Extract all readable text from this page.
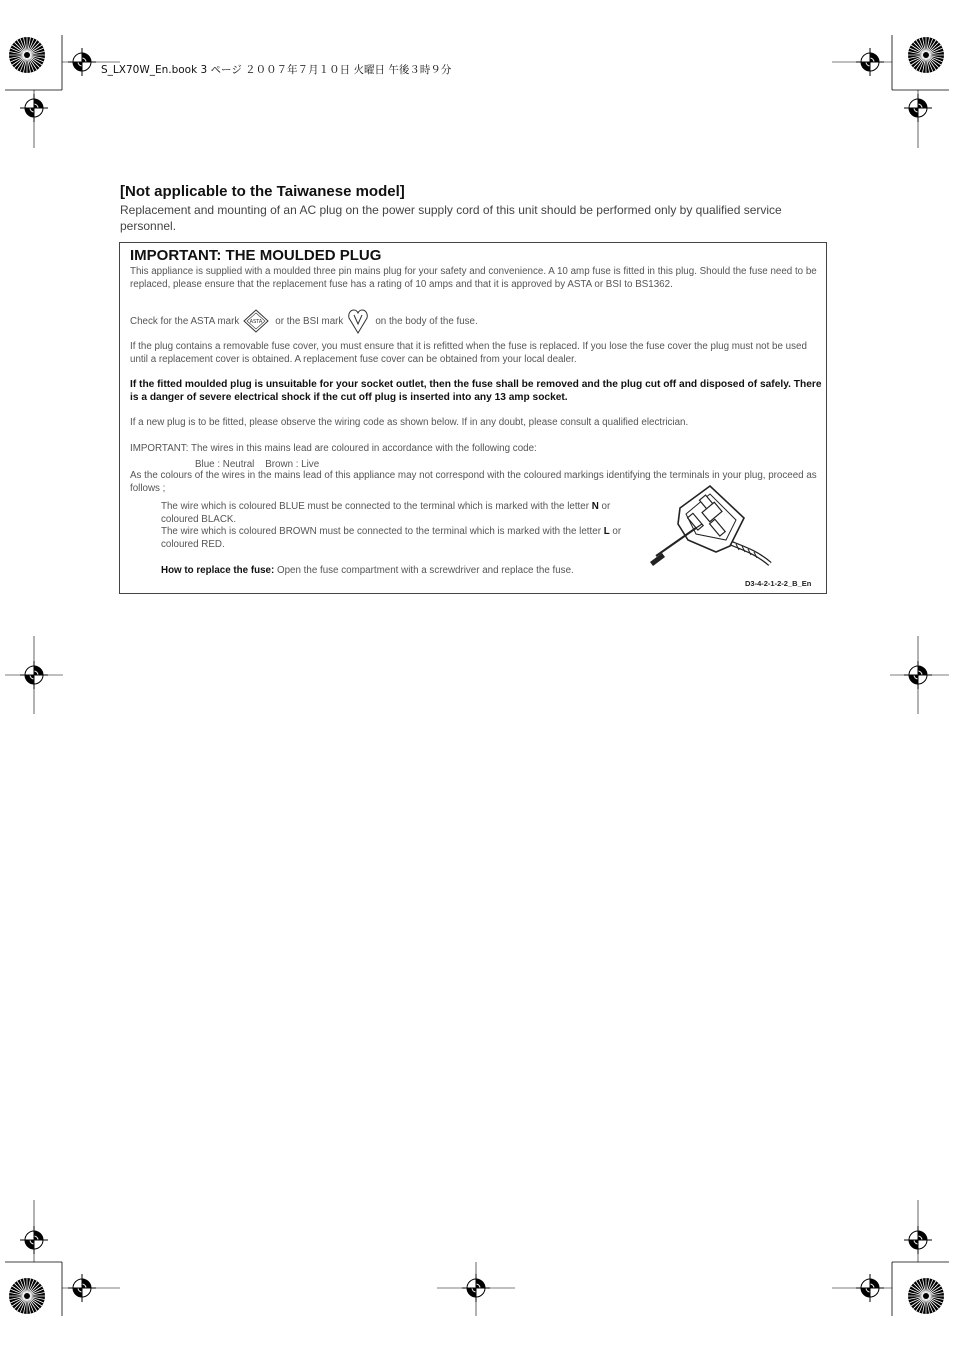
S_LX70W_En.book 3 ページ ２００７年７月１０日 火曜日 午後３時９分
[Not applicable to the Taiwanese model]
Replacement and mounting of an AC plug on the power supply cord of this unit should be performed only by qualified service personnel.
IMPORTANT: THE MOULDED PLUG
This appliance is supplied with a moulded three pin mains plug for your safety and convenience. A 10 amp fuse is fitted in this plug. Should the fuse need to be replaced, please ensure that the replacement fuse has a rating of 10 amps and that it is approved by ASTA or BSI to BS1362.
Check for the ASTA mark ASTA or the BSI mark	on the body of the fuse.
If the plug contains a removable fuse cover, you must ensure that it is refitted when the fuse is replaced. If you lose the fuse cover the plug must not be used until a replacement cover is obtained. A replacement fuse cover can be obtained from your local dealer.
If the fitted moulded plug is unsuitable for your socket outlet, then the fuse shall be removed and the plug cut off and disposed of safely. There is a danger of severe electrical shock if the cut off plug is inserted into any 13 amp socket.
If a new plug is to be fitted, please observe the wiring code as shown below. If in any doubt, please consult a qualified electrician.
IMPORTANT: The wires in this mains lead are coloured in accordance with the following code:
Blue : Neutral    Brown : Live
As the colours of the wires in the mains lead of this appliance may not correspond with the coloured markings identifying the terminals in your plug, proceed as follows ;
The wire which is coloured BLUE must be connected to the terminal which is marked with the letter N or coloured BLACK.
The wire which is coloured BROWN must be connected to the terminal which is marked with the letter L or coloured RED.
How to replace the fuse: Open the fuse compartment with a screwdriver and replace the fuse.
D3-4-2-1-2-2_B_En
